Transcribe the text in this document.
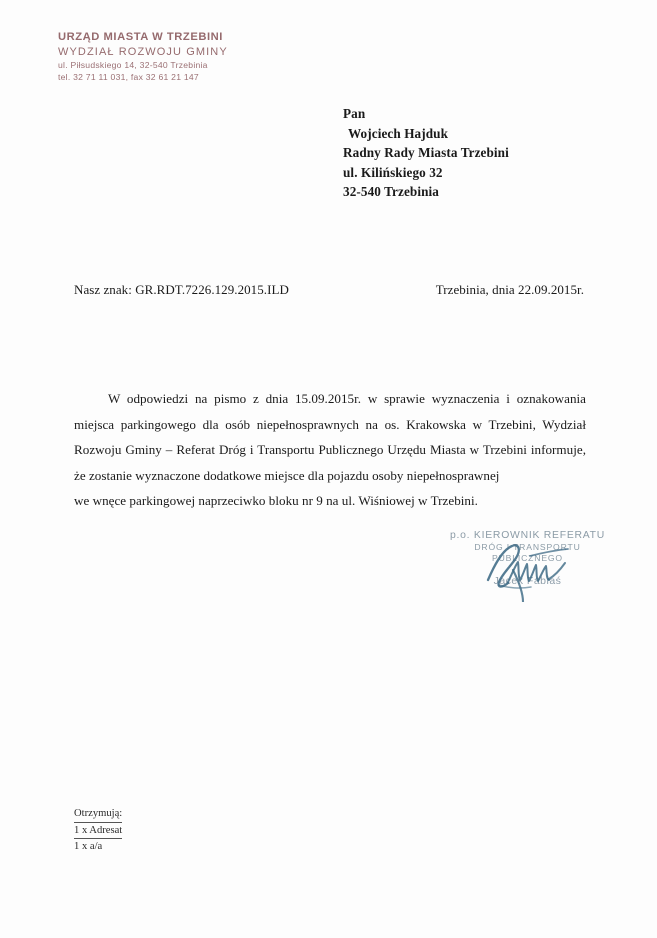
URZĄD MIASTA W TRZEBINI
WYDZIAŁ ROZWOJU GMINY
ul. Piłsudskiego 14, 32-540 Trzebinia
tel. 32 71 11 031, fax 32 61 21 147
Pan
Wojciech Hajduk
Radny Rady Miasta Trzebini
ul. Kilińskiego 32
32-540 Trzebinia
Nasz znak: GR.RDT.7226.129.2015.ILD	Trzebinia, dnia 22.09.2015r.

W odpowiedzi na pismo z dnia 15.09.2015r. w sprawie wyznaczenia i oznakowania miejsca parkingowego dla osób niepełnosprawnych na os. Krakowska w Trzebini, Wydział Rozwoju Gminy – Referat Dróg i Transportu Publicznego Urzędu Miasta w Trzebini informuje, że zostanie wyznaczone dodatkowe miejsce dla pojazdu osoby niepełnosprawnej

we wnęce parkingowej naprzeciwko bloku nr 9 na ul. Wiśniowej w Trzebini.

p.o. KIEROWNIK REFERATU
DRÓG I TRANSPORTU
PUBLICZNEGO
Jacek Fabiaś
Otrzymują:
1 x Adresat
1 x a/a
